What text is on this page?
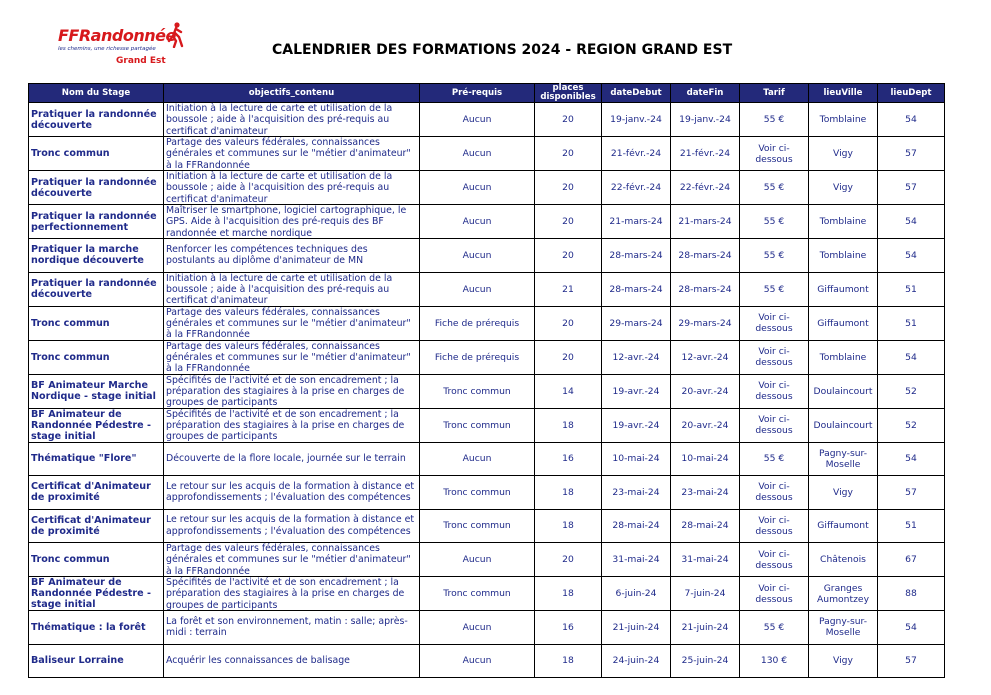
FFRandonnée
les chemins, une richesse partagée
Grand Est
CALENDRIER DES FORMATIONS 2024 - REGION GRAND EST
Nom du Stage	objectifs_contenu	Pré-requis	places disponibles	dateDebut	dateFin	Tarif	lieuVille	lieuDept

Pratiquer la randonnée découverte	Initiation à la lecture de carte et utilisation de la boussole ; aide à l'acquisition des pré-requis au certificat d'animateur	Aucun	20	19-janv.-24	19-janv.-24	55 €	Tomblaine	54

Tronc commun	Partage des valeurs fédérales, connaissances générales et communes sur le "métier d'animateur" à la FFRandonnée	Aucun	20	21-févr.-24	21-févr.-24	Voir ci-dessous	Vigy	57

Pratiquer la randonnée découverte	Initiation à la lecture de carte et utilisation de la boussole ; aide à l'acquisition des pré-requis au certificat d'animateur	Aucun	20	22-févr.-24	22-févr.-24	55 €	Vigy	57

Pratiquer la randonnée perfectionnement	Maîtriser le smartphone, logiciel cartographique, le GPS. Aide à l'acquisition des pré-requis des BF randonnée et marche nordique	Aucun	20	21-mars-24	21-mars-24	55 €	Tomblaine	54

Pratiquer la marche nordique découverte	Renforcer les compétences techniques des postulants au diplôme d'animateur de MN	Aucun	20	28-mars-24	28-mars-24	55 €	Tomblaine	54

Pratiquer la randonnée découverte	Initiation à la lecture de carte et utilisation de la boussole ; aide à l'acquisition des pré-requis au certificat d'animateur	Aucun	21	28-mars-24	28-mars-24	55 €	Giffaumont	51

Tronc commun	Partage des valeurs fédérales, connaissances générales et communes sur le "métier d'animateur" à la FFRandonnée	Fiche de prérequis	20	29-mars-24	29-mars-24	Voir ci-dessous	Giffaumont	51

Tronc commun	Partage des valeurs fédérales, connaissances générales et communes sur le "métier d'animateur" à la FFRandonnée	Fiche de prérequis	20	12-avr.-24	12-avr.-24	Voir ci-dessous	Tomblaine	54

BF Animateur Marche Nordique - stage initial	Spécifités de l'activité et de son encadrement ; la préparation des stagiaires à la prise en charges de groupes de participants	Tronc commun	14	19-avr.-24	20-avr.-24	Voir ci-dessous	Doulaincourt	52

BF Animateur de Randonnée Pédestre - stage initial	Spécifités de l'activité et de son encadrement ; la préparation des stagiaires à la prise en charges de groupes de participants	Tronc commun	18	19-avr.-24	20-avr.-24	Voir ci-dessous	Doulaincourt	52

Thématique "Flore"	Découverte de la flore locale, journée sur le terrain	Aucun	16	10-mai-24	10-mai-24	55 €	Pagny-sur-Moselle	54

Certificat d'Animateur de proximité	Le retour sur les acquis de la formation à distance et approfondissements ; l'évaluation des compétences	Tronc commun	18	23-mai-24	23-mai-24	Voir ci-dessous	Vigy	57

Certificat d'Animateur de proximité	Le retour sur les acquis de la formation à distance et approfondissements ; l'évaluation des compétences	Tronc commun	18	28-mai-24	28-mai-24	Voir ci-dessous	Giffaumont	51

Tronc commun	Partage des valeurs fédérales, connaissances générales et communes sur le "métier d'animateur" à la FFRandonnée	Aucun	20	31-mai-24	31-mai-24	Voir ci-dessous	Châtenois	67

BF Animateur de Randonnée Pédestre - stage initial	Spécifités de l'activité et de son encadrement ; la préparation des stagiaires à la prise en charges de groupes de participants	Tronc commun	18	6-juin-24	7-juin-24	Voir ci-dessous	Granges Aumontzey	88

Thématique : la forêt	La forêt et son environnement, matin : salle; après-midi : terrain	Aucun	16	21-juin-24	21-juin-24	55 €	Pagny-sur-Moselle	54

Baliseur Lorraine	Acquérir les connaissances de balisage	Aucun	18	24-juin-24	25-juin-24	130 €	Vigy	57
